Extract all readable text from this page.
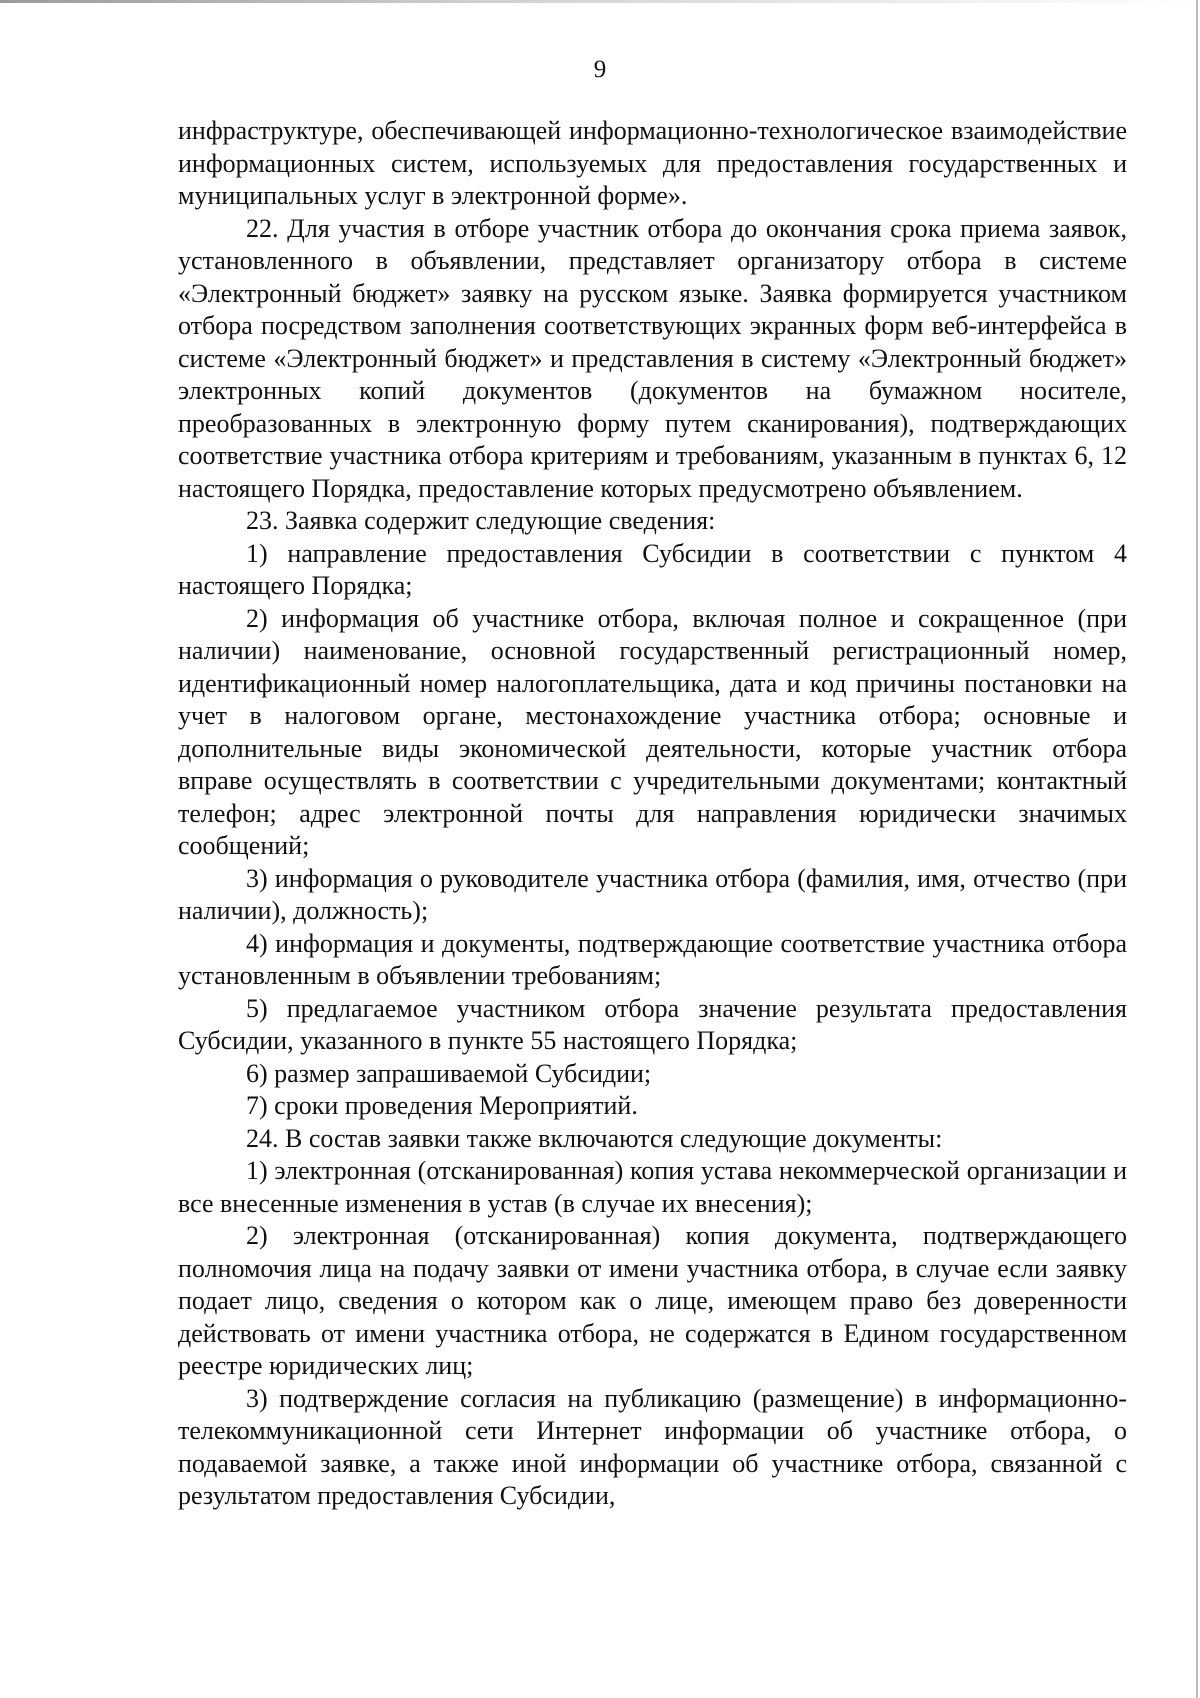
9

инфраструктуре, обеспечивающей информационно-технологическое взаимодействие информационных систем, используемых для предоставления государственных и муниципальных услуг в электронной форме».

22. Для участия в отборе участник отбора до окончания срока приема заявок, установленного в объявлении, представляет организатору отбора в системе «Электронный бюджет» заявку на русском языке. Заявка формируется участником отбора посредством заполнения соответствующих экранных форм веб-интерфейса в системе «Электронный бюджет» и представления в систему «Электронный бюджет» электронных копий документов (документов на бумажном носителе, преобразованных в электронную форму путем сканирования), подтверждающих соответствие участника отбора критериям и требованиям, указанным в пунктах 6, 12 настоящего Порядка, предоставление которых предусмотрено объявлением.

23. Заявка содержит следующие сведения:

1) направление предоставления Субсидии в соответствии с пунктом 4 настоящего Порядка;

2) информация об участнике отбора, включая полное и сокращенное (при наличии) наименование, основной государственный регистрационный номер, идентификационный номер налогоплательщика, дата и код причины постановки на учет в налоговом органе, местонахождение участника отбора; основные и дополнительные виды экономической деятельности, которые участник отбора вправе осуществлять в соответствии с учредительными документами; контактный телефон; адрес электронной почты для направления юридически значимых сообщений;

3) информация о руководителе участника отбора (фамилия, имя, отчество (при наличии), должность);

4) информация и документы, подтверждающие соответствие участника отбора установленным в объявлении требованиям;

5) предлагаемое участником отбора значение результата предоставления Субсидии, указанного в пункте 55 настоящего Порядка;

6) размер запрашиваемой Субсидии;

7) сроки проведения Мероприятий.

24. В состав заявки также включаются следующие документы:

1) электронная (отсканированная) копия устава некоммерческой организации и все внесенные изменения в устав (в случае их внесения);

2) электронная (отсканированная) копия документа, подтверждающего полномочия лица на подачу заявки от имени участника отбора, в случае если заявку подает лицо, сведения о котором как о лице, имеющем право без доверенности действовать от имени участника отбора, не содержатся в Едином государственном реестре юридических лиц;

3) подтверждение согласия на публикацию (размещение) в информационно-телекоммуникационной сети Интернет информации об участнике отбора, о подаваемой заявке, а также иной информации об участнике отбора, связанной с результатом предоставления Субсидии,
